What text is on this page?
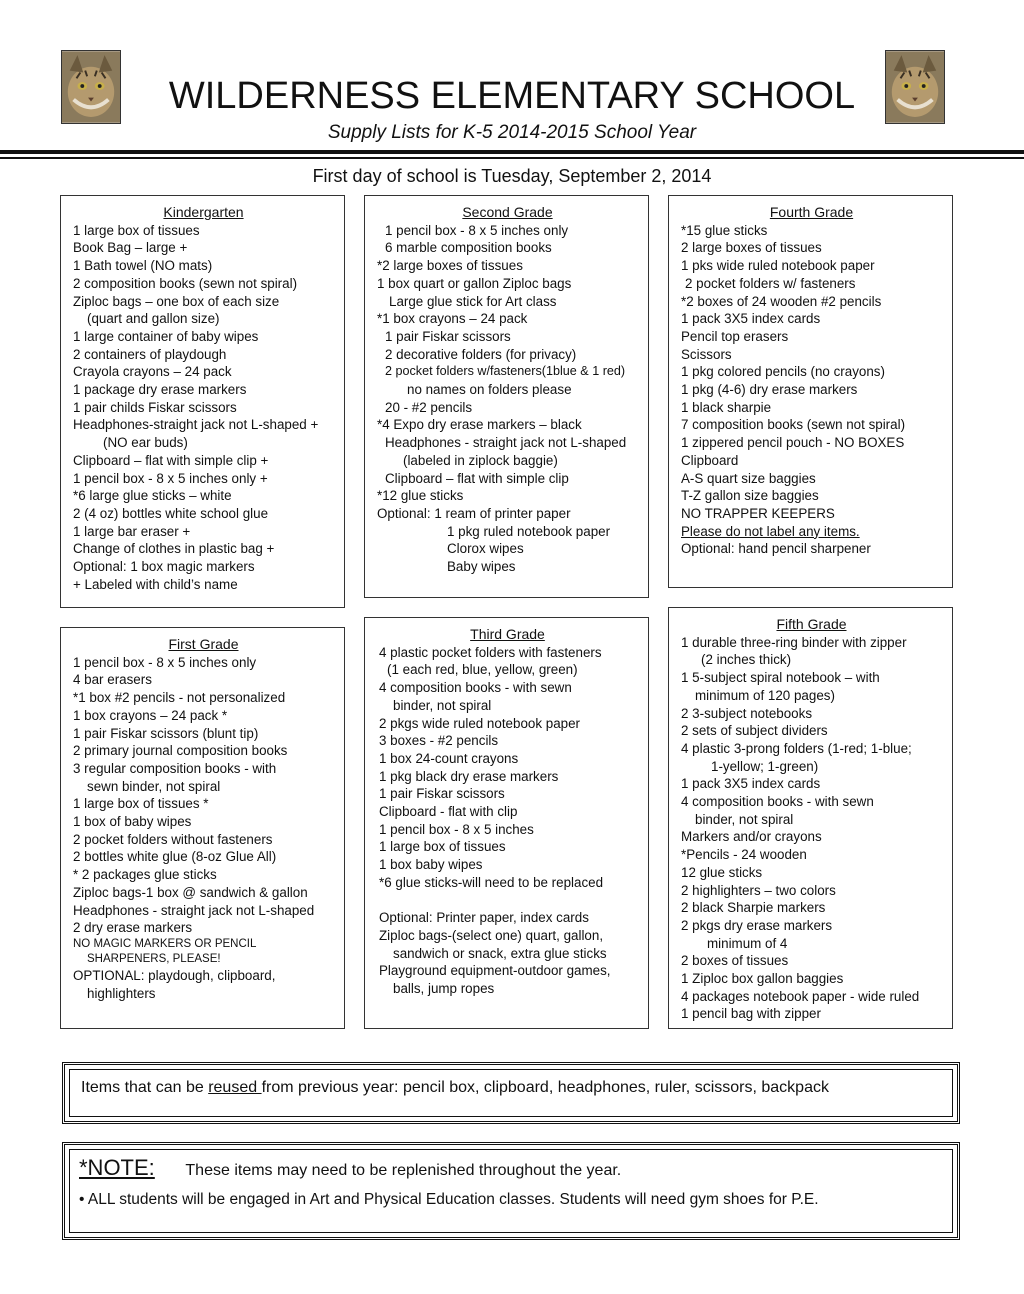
WILDERNESS ELEMENTARY SCHOOL
Supply Lists for K-5 2014-2015 School Year
First day of school is Tuesday, September 2, 2014
Kindergarten
1 large box of tissues
Book Bag – large +
1 Bath towel (NO mats)
2 composition books (sewn not spiral)
Ziploc bags – one box of each size
(quart and gallon size)
1 large container of baby wipes
2 containers of playdough
Crayola crayons – 24 pack
1 package dry erase markers
1 pair childs Fiskar scissors
Headphones-straight jack not L-shaped +
(NO ear buds)
Clipboard – flat with simple clip +
1 pencil box - 8 x 5 inches only +
*6 large glue sticks – white
2 (4 oz) bottles white school glue
1 large bar eraser +
Change of clothes in plastic bag +
Optional: 1 box magic markers
+ Labeled with child’s name
Second Grade
1 pencil box - 8 x 5 inches only
6 marble composition books
*2 large boxes of tissues
1 box quart or gallon Ziploc bags
Large glue stick for Art class
*1 box crayons – 24 pack
1 pair Fiskar scissors
2 decorative folders (for privacy)
2 pocket folders w/fasteners(1blue & 1 red)
no names on folders please
20 - #2 pencils
*4 Expo dry erase markers – black
Headphones - straight jack not L-shaped
(labeled in ziplock baggie)
Clipboard – flat with simple clip
*12 glue sticks
Optional: 1 ream of printer paper
1 pkg ruled notebook paper
Clorox wipes
Baby wipes
Fourth Grade
*15 glue sticks
2 large boxes of tissues
1 pks wide ruled notebook paper
2 pocket folders w/ fasteners
*2 boxes of 24 wooden #2 pencils
1 pack 3X5 index cards
Pencil top erasers
Scissors
1 pkg colored pencils (no crayons)
1 pkg (4-6) dry erase markers
1 black sharpie
7 composition books (sewn not spiral)
1 zippered pencil pouch - NO BOXES
Clipboard
A-S quart size baggies
T-Z gallon size baggies
NO TRAPPER KEEPERS
Please do not label any items.
Optional: hand pencil sharpener
First Grade
1 pencil box - 8 x 5 inches only
4 bar erasers
*1 box #2 pencils - not personalized
1 box crayons – 24 pack *
1 pair Fiskar scissors (blunt tip)
2 primary journal composition books
3 regular composition books - with
sewn binder, not spiral
1 large box of tissues *
1 box of baby wipes
2 pocket folders without fasteners
2 bottles white glue (8-oz Glue All)
* 2 packages glue sticks
Ziploc bags-1 box @ sandwich & gallon
Headphones - straight jack not L-shaped
2 dry erase markers
NO MAGIC MARKERS OR PENCIL
SHARPENERS, PLEASE!
OPTIONAL: playdough, clipboard,
highlighters
Third Grade
4 plastic pocket folders with fasteners
(1 each red, blue, yellow, green)
4 composition books - with sewn
binder, not spiral
2 pkgs wide ruled notebook paper
3 boxes - #2 pencils
1 box 24-count crayons
1 pkg black dry erase markers
1 pair Fiskar scissors
Clipboard - flat with clip
1 pencil box - 8 x 5 inches
1 large box of tissues
1 box baby wipes
*6 glue sticks-will need to be replaced
Optional: Printer paper, index cards
Ziploc bags-(select one) quart, gallon,
sandwich or snack, extra glue sticks
Playground equipment-outdoor games,
balls, jump ropes
Fifth Grade
1 durable three-ring binder with zipper
(2 inches thick)
1 5-subject spiral notebook – with
minimum of 120 pages)
2 3-subject notebooks
2 sets of subject dividers
4 plastic 3-prong folders (1-red; 1-blue;
1-yellow; 1-green)
1 pack 3X5 index cards
4 composition books - with sewn
binder, not spiral
Markers and/or crayons
*Pencils - 24 wooden
12 glue sticks
2 highlighters – two colors
2 black Sharpie markers
2 pkgs dry erase markers
minimum of 4
2 boxes of tissues
1 Ziploc box gallon baggies
4 packages notebook paper - wide ruled
1 pencil bag with zipper
Items that can be reused from previous year: pencil box, clipboard, headphones, ruler, scissors, backpack
*NOTE: These items may need to be replenished throughout the year.
• ALL students will be engaged in Art and Physical Education classes. Students will need gym shoes for P.E.
